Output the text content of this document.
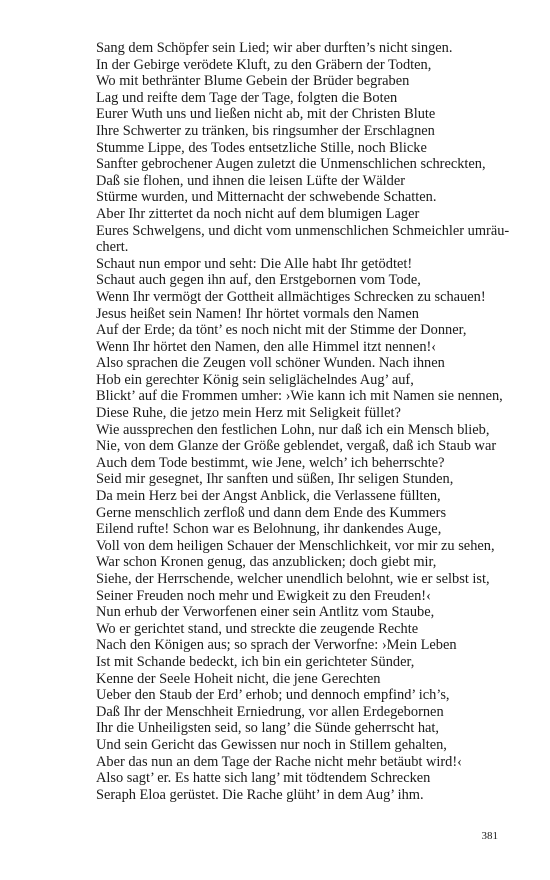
Sang dem Schöpfer sein Lied; wir aber durften’s nicht singen.
In der Gebirge verödete Kluft, zu den Gräbern der Todten,
Wo mit bethränter Blume Gebein der Brüder begraben
Lag und reifte dem Tage der Tage, folgten die Boten
Eurer Wuth uns und ließen nicht ab, mit der Christen Blute
Ihre Schwerter zu tränken, bis ringsumher der Erschlagnen
Stumme Lippe, des Todes entsetzliche Stille, noch Blicke
Sanfter gebrochener Augen zuletzt die Unmenschlichen schreckten,
Daß sie flohen, und ihnen die leisen Lüfte der Wälder
Stürme wurden, und Mitternacht der schwebende Schatten.
Aber Ihr zittertet da noch nicht auf dem blumigen Lager
Eures Schwelgens, und dicht vom unmenschlichen Schmeichler umräu-
chert.
Schaut nun empor und seht: Die Alle habt Ihr getödtet!
Schaut auch gegen ihn auf, den Erstgebornen vom Tode,
Wenn Ihr vermögt der Gottheit allmächtiges Schrecken zu schauen!
Jesus heißet sein Namen! Ihr hörtet vormals den Namen
Auf der Erde; da tönt’ es noch nicht mit der Stimme der Donner,
Wenn Ihr hörtet den Namen, den alle Himmel itzt nennen!‹
Also sprachen die Zeugen voll schöner Wunden. Nach ihnen
Hob ein gerechter König sein seliglächelndes Aug’ auf,
Blickt’ auf die Frommen umher: ›Wie kann ich mit Namen sie nennen,
Diese Ruhe, die jetzo mein Herz mit Seligkeit füllet?
Wie aussprechen den festlichen Lohn, nur daß ich ein Mensch blieb,
Nie, von dem Glanze der Größe geblendet, vergaß, daß ich Staub war
Auch dem Tode bestimmt, wie Jene, welch’ ich beherrschte?
Seid mir gesegnet, Ihr sanften und süßen, Ihr seligen Stunden,
Da mein Herz bei der Angst Anblick, die Verlassene füllten,
Gerne menschlich zerfloß und dann dem Ende des Kummers
Eilend rufte! Schon war es Belohnung, ihr dankendes Auge,
Voll von dem heiligen Schauer der Menschlichkeit, vor mir zu sehen,
War schon Kronen genug, das anzublicken; doch giebt mir,
Siehe, der Herrschende, welcher unendlich belohnt, wie er selbst ist,
Seiner Freuden noch mehr und Ewigkeit zu den Freuden!‹
Nun erhub der Verworfenen einer sein Antlitz vom Staube,
Wo er gerichtet stand, und streckte die zeugende Rechte
Nach den Königen aus; so sprach der Verworfne: ›Mein Leben
Ist mit Schande bedeckt, ich bin ein gerichteter Sünder,
Kenne der Seele Hoheit nicht, die jene Gerechten
Ueber den Staub der Erd’ erhob; und dennoch empfind’ ich’s,
Daß Ihr der Menschheit Erniedrung, vor allen Erdegebornen
Ihr die Unheiligsten seid, so lang’ die Sünde geherrscht hat,
Und sein Gericht das Gewissen nur noch in Stillem gehalten,
Aber das nun an dem Tage der Rache nicht mehr betäubt wird!‹
Also sagt’ er. Es hatte sich lang’ mit tödtendem Schrecken
Seraph Eloa gerüstet. Die Rache glüht’ in dem Aug’ ihm.
381
